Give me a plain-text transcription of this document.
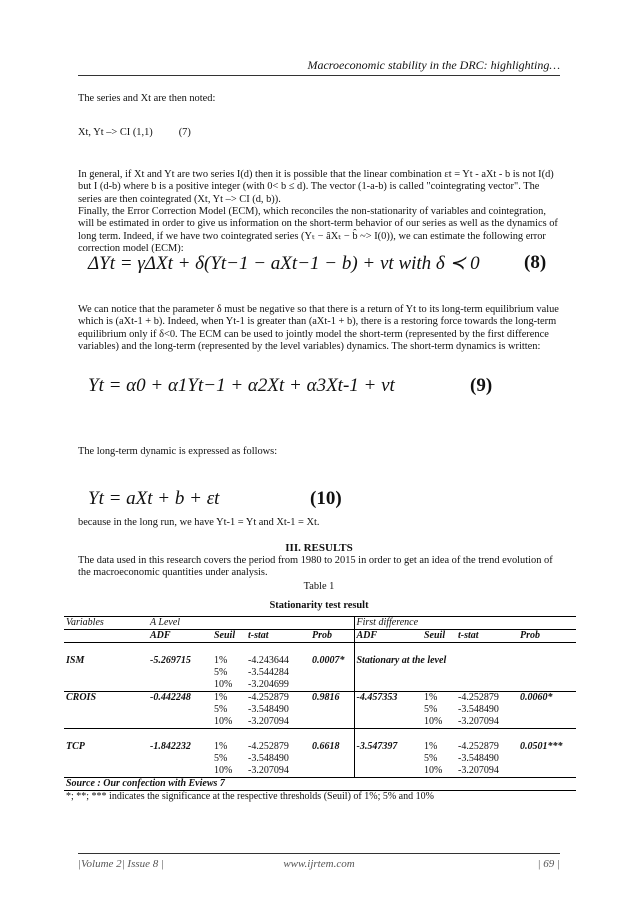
Macroeconomic stability in the DRC: highlighting…
The series and Xt are then noted:
Xt, Yt –> CI (1,1)          (7)
In general, if Xt and Yt are two series I(d) then it is possible that the linear combination εt = Yt - aXt - b is not I(d) but I (d-b) where b is a positive integer (with 0< b ≤ d). The vector (1-a-b) is called "cointegrating vector". The series are then cointegrated (Xt, Yt –> CI (d, b)).
Finally, the Error Correction Model (ECM), which reconciles the non-stationarity of variables and cointegration, will be estimated in order to give us information on the short-term behavior of our series as well as the dynamics of long term. Indeed, if we have two cointegrated series (Yₜ − âXₜ − b̂ ~> I(0)), we can estimate the following error correction model (ECM):
ΔYt = γΔXt + δ(Yt−1 − aXt−1 − b) + νt with δ ≺ 0 (8)
We can notice that the parameter δ must be negative so that there is a return of Yt to its long-term equilibrium value which is (aXt-1 + b). Indeed, when Yt-1 is greater than (aXt-1 + b), there is a restoring force towards the long-term equilibrium only if δ<0. The ECM can be used to jointly model the short-term (represented by the first difference variables) and the long-term (represented by the level variables) dynamics. The short-term dynamics is written:
Yt = α0 + α1Yt−1 + α2Xt + α3Xt-1 + νt	(9)
The long-term dynamic is expressed as follows:
Yt = aXt + b + εt	(10)
because in the long run, we have Yt-1 = Yt and Xt-1 = Xt.
III. RESULTS
The data used in this research covers the period from 1980 to 2015 in order to get an idea of the trend evolution of the macroeconomic quantities under analysis.
Table 1
Stationarity test result
Variables	A Level				First difference			
	ADF	Seuil	t-stat	Prob	ADF	Seuil	t-stat	Prob

ISM	-5.269715	1%	-4.243644	0.0007*	Stationary at the level			
		5%	-3.544284					
		10%	-3.204699					
CROIS	-0.442248	1%	-4.252879	0.9816	-4.457353	1%	-4.252879	0.0060*
		5%	-3.548490			5%	-3.548490	
		10%	-3.207094			10%	-3.207094	

TCP	-1.842232	1%	-4.252879	0.6618	-3.547397	1%	-4.252879	0.0501***
		5%	-3.548490			5%	-3.548490	
		10%	-3.207094			10%	-3.207094	
Source : Our confection with Eviews 7								
*; **; *** indicates the significance at the respective thresholds (Seuil) of 1%; 5% and 10%								
|Volume 2| Issue 8 |	www.ijrtem.com	| 69 |
